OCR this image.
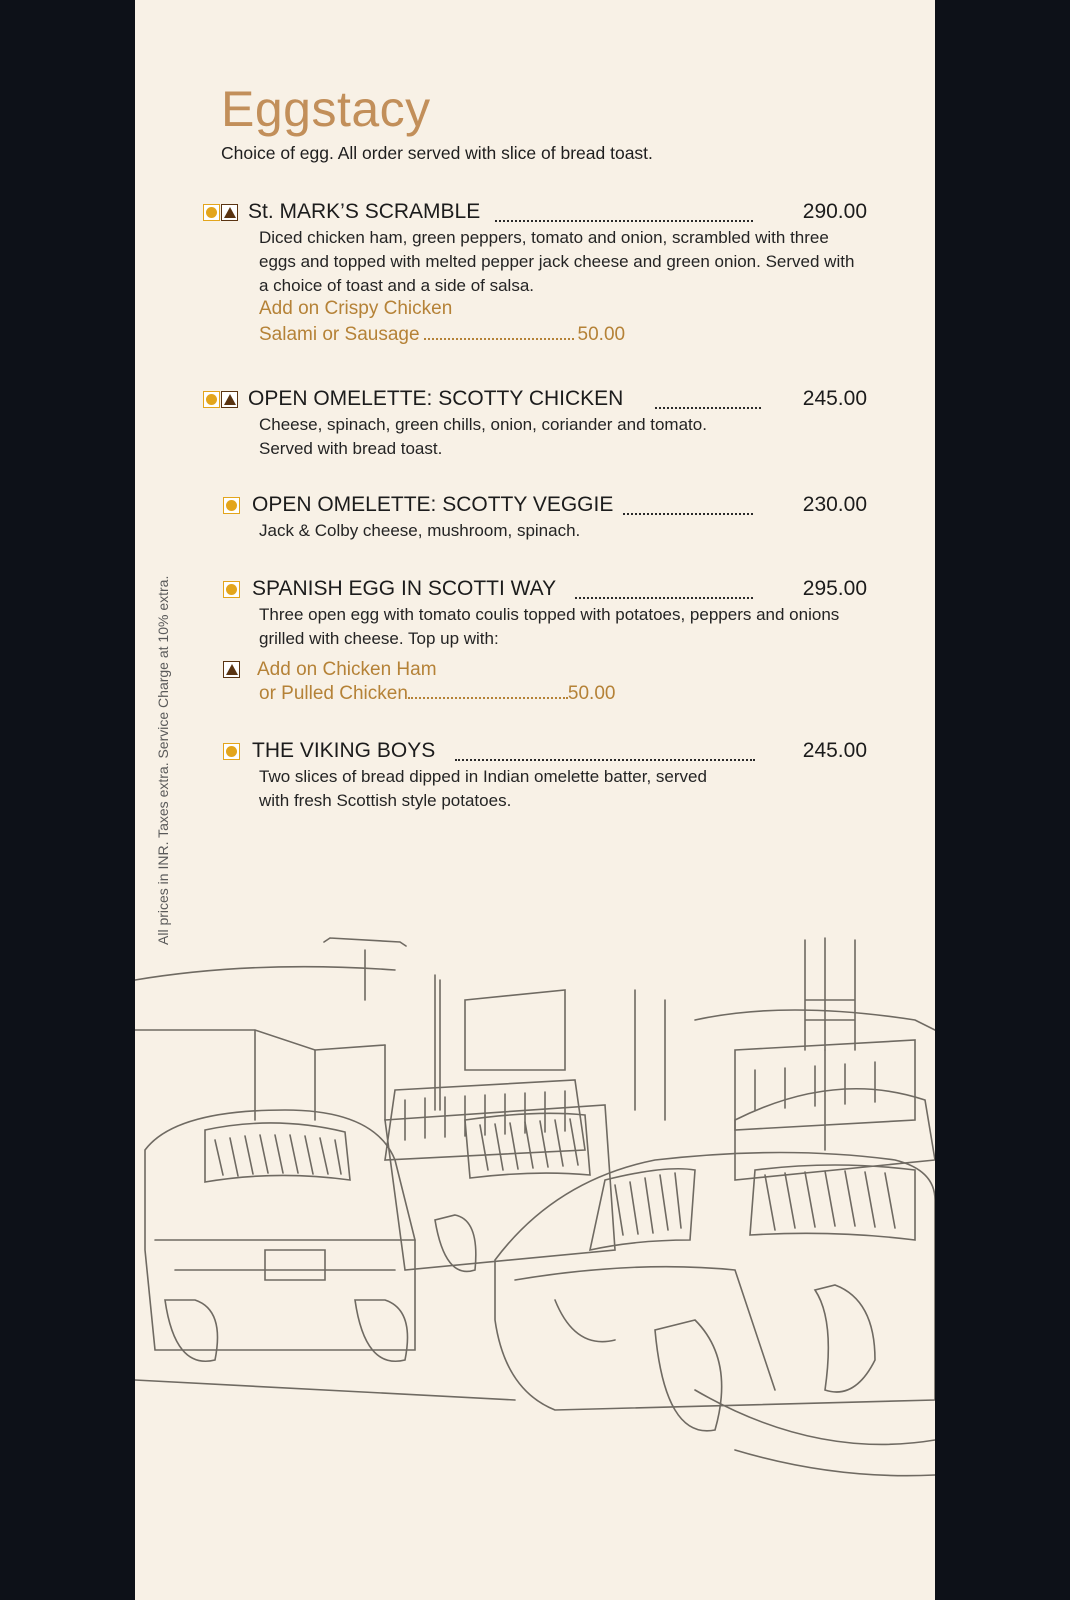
Eggstacy
Choice of egg. All order served with slice of bread toast.
All prices in INR. Taxes extra. Service Charge at 10% extra.
St. MARK’S SCRAMBLE	290.00
Diced chicken ham, green peppers, tomato and onion, scrambled with three eggs and topped with melted pepper jack cheese and green onion. Served with a choice of toast and a side of salsa.
Add on Crispy Chicken
Salami or Sausage	50.00
OPEN OMELETTE: SCOTTY CHICKEN	245.00
Cheese, spinach, green chills, onion, coriander and tomato. Served with bread toast.
OPEN OMELETTE: SCOTTY VEGGIE	230.00
Jack & Colby cheese, mushroom, spinach.
SPANISH EGG IN SCOTTI WAY	295.00
Three open egg with tomato coulis topped with potatoes, peppers and onions grilled with cheese. Top up with:
Add on Chicken Ham
or Pulled Chicken	50.00
THE VIKING BOYS	245.00
Two slices of bread dipped in Indian omelette batter, served with fresh Scottish style potatoes.
